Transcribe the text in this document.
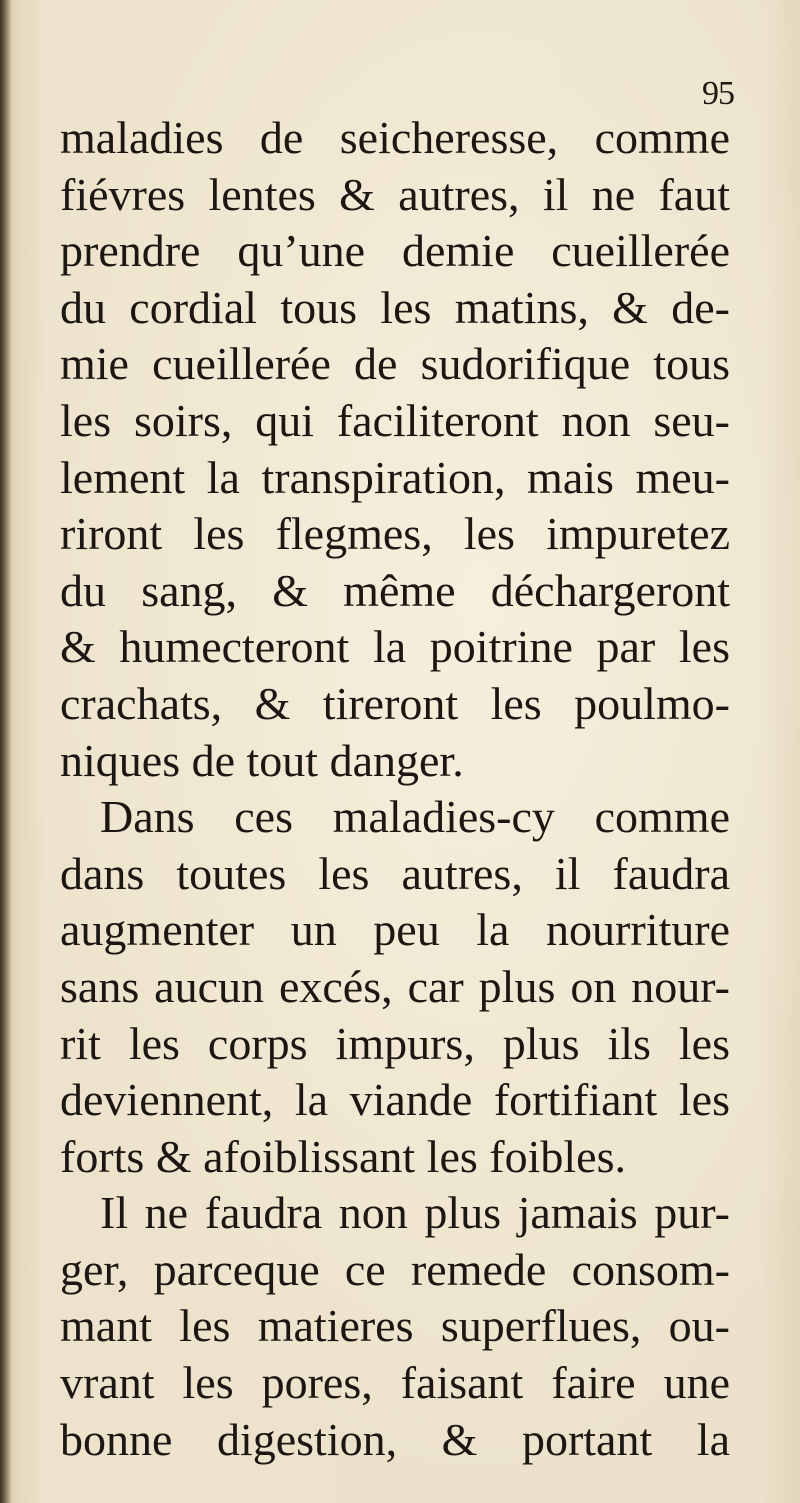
95
maladies de seicheresse, comme
fiévres lentes & autres, il ne faut
prendre qu’une demie cueillerée
du cordial tous les matins, & de-
mie cueillerée de sudorifique tous
les soirs, qui faciliteront non seu-
lement la transpiration, mais meu-
riront les flegmes, les impuretez
du sang, & même déchargeront
& humecteront la poitrine par les
crachats, & tireront les poulmo-
niques de tout danger.
Dans ces maladies-cy comme
dans toutes les autres, il faudra
augmenter un peu la nourriture
sans aucun excés, car plus on nour-
rit les corps impurs, plus ils les
deviennent, la viande fortifiant les
forts & afoiblissant les foibles.
Il ne faudra non plus jamais pur-
ger, parceque ce remede consom-
mant les matieres superflues, ou-
vrant les pores, faisant faire une
bonne digestion, & portant la
